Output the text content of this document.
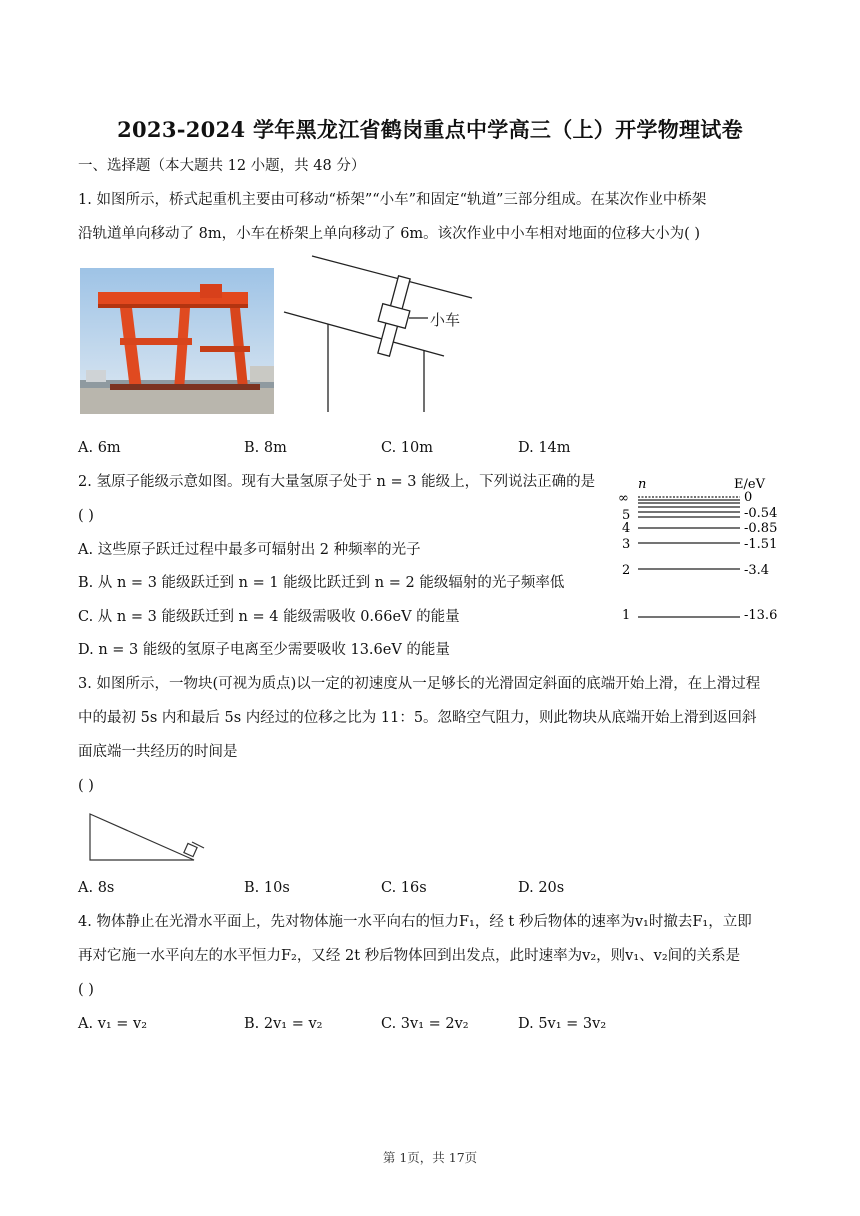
2023-2024 学年黑龙江省鹤岗重点中学高三（上）开学物理试卷
一、选择题（本大题共 12 小题，共 48 分）
1. 如图所示，桥式起重机主要由可移动“桥架”“小车”和固定“轨道”三部分组成。在某次作业中桥架
沿轨道单向移动了 8m，小车在桥架上单向移动了 6m。该次作业中小车相对地面的位移大小为( )
小车
A. 6m	B. 8m	C. 10m	D. 14m
2. 氢原子能级示意如图。现有大量氢原子处于 n = 3 能级上，下列说法正确的是
( )
A. 这些原子跃迁过程中最多可辐射出 2 种频率的光子
B. 从 n = 3 能级跃迁到 n = 1 能级比跃迁到 n = 2 能级辐射的光子频率低
C. 从 n = 3 能级跃迁到 n = 4 能级需吸收 0.66eV 的能量
D. n = 3 能级的氢原子电离至少需要吸收 13.6eV 的能量
n	E/eV
∞	0
5	-0.54
4	-0.85
3	-1.51
2	-3.4
1	-13.6
3. 如图所示，一物块(可视为质点)以一定的初速度从一足够长的光滑固定斜面的底端开始上滑，在上滑过程
中的最初 5s 内和最后 5s 内经过的位移之比为 11：5。忽略空气阻力，则此物块从底端开始上滑到返回斜
面底端一共经历的时间是
( )
A. 8s	B. 10s	C. 16s	D. 20s
4. 物体静止在光滑水平面上，先对物体施一水平向右的恒力F₁，经 t 秒后物体的速率为v₁时撤去F₁，立即
再对它施一水平向左的水平恒力F₂，又经 2t 秒后物体回到出发点，此时速率为v₂，则v₁、v₂间的关系是
( )
A. v₁ = v₂	B. 2v₁ = v₂	C. 3v₁ = 2v₂	D. 5v₁ = 3v₂
第 1页，共 17页
